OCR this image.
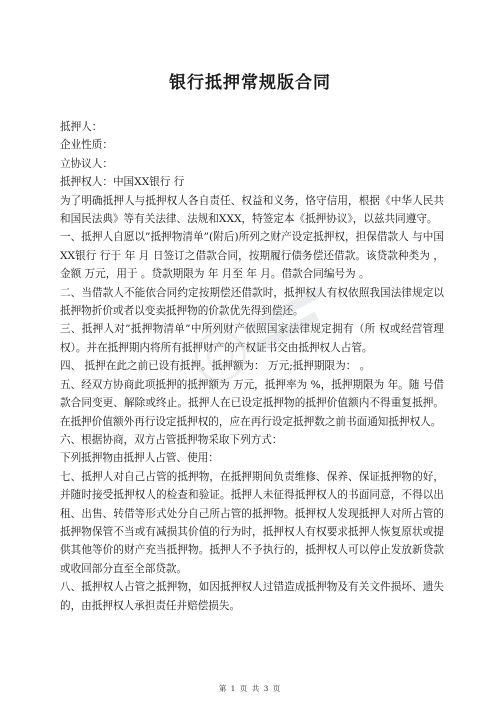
银行抵押常规版合同

抵押人：

企业性质：

立协议人：

抵押权人：中国XX银行 行

为了明确抵押人与抵押权人各自责任、权益和义务，恪守信用，根据《中华人民共和国民法典》等有关法律、法规和XXX，特签定本《抵押协议》，以兹共同遵守。

一、抵押人自愿以”抵押物清单”(附后)所列之财产设定抵押权，担保借款人 与中国XX银行 行于 年 月 日签订之借款合同，按期履行债务偿还借款。该贷款种类为 ，金额 万元，用于 。贷款期限为 年 月至 年 月。借款合同编号为 。

二、当借款人不能依合同约定按期偿还借款时，抵押权人有权依照我国法律规定以抵押物折价或者以变卖抵押物的价款优先得到偿还。

三、抵押人对”抵押物清单”中所列财产依照国家法律规定拥有（所 权或经营管理权）。并在抵押期内将所有抵押财产的产权证书交由抵押权人占管。

四、 抵押在此之前已设有抵押。抵押额为： 万元;抵押期限为： 。

五、经双方协商此项抵押的抵押额为 万元，抵押率为 %，抵押期限为 年。随 号借款合同变更、解除或终止。抵押人在已设定抵押物的抵押价值额内不得重复抵押。在抵押价值额外再行设定抵押权的，应在再行设定抵押数之前书面通知抵押权人。

六、根据协商，双方占管抵押物采取下列方式：

下列抵押物由抵押人占管、使用：

七、抵押人对自己占管的抵押物，在抵押期间负责维修、保养、保证抵押物的好，并随时接受抵押权人的检查和验证。抵押人未征得抵押权人的书面同意，不得以出租、出售、转借等形式处分自己所占管的抵押物。抵押权人发现抵押人对所占管的抵押物保管不当或有减损其价值的行为时，抵押权人有权要求抵押人恢复原状或提供其他等价的财产充当抵押物。抵押人不予执行的，抵押权人可以停止发放新贷款或收回部分直至全部贷款。

八、抵押权人占管之抵押物，如因抵押权人过错造成抵押物及有关文件损坏、遗失的，由抵押权人承担责任并赔偿损失。

第 1 页 共 3 页
